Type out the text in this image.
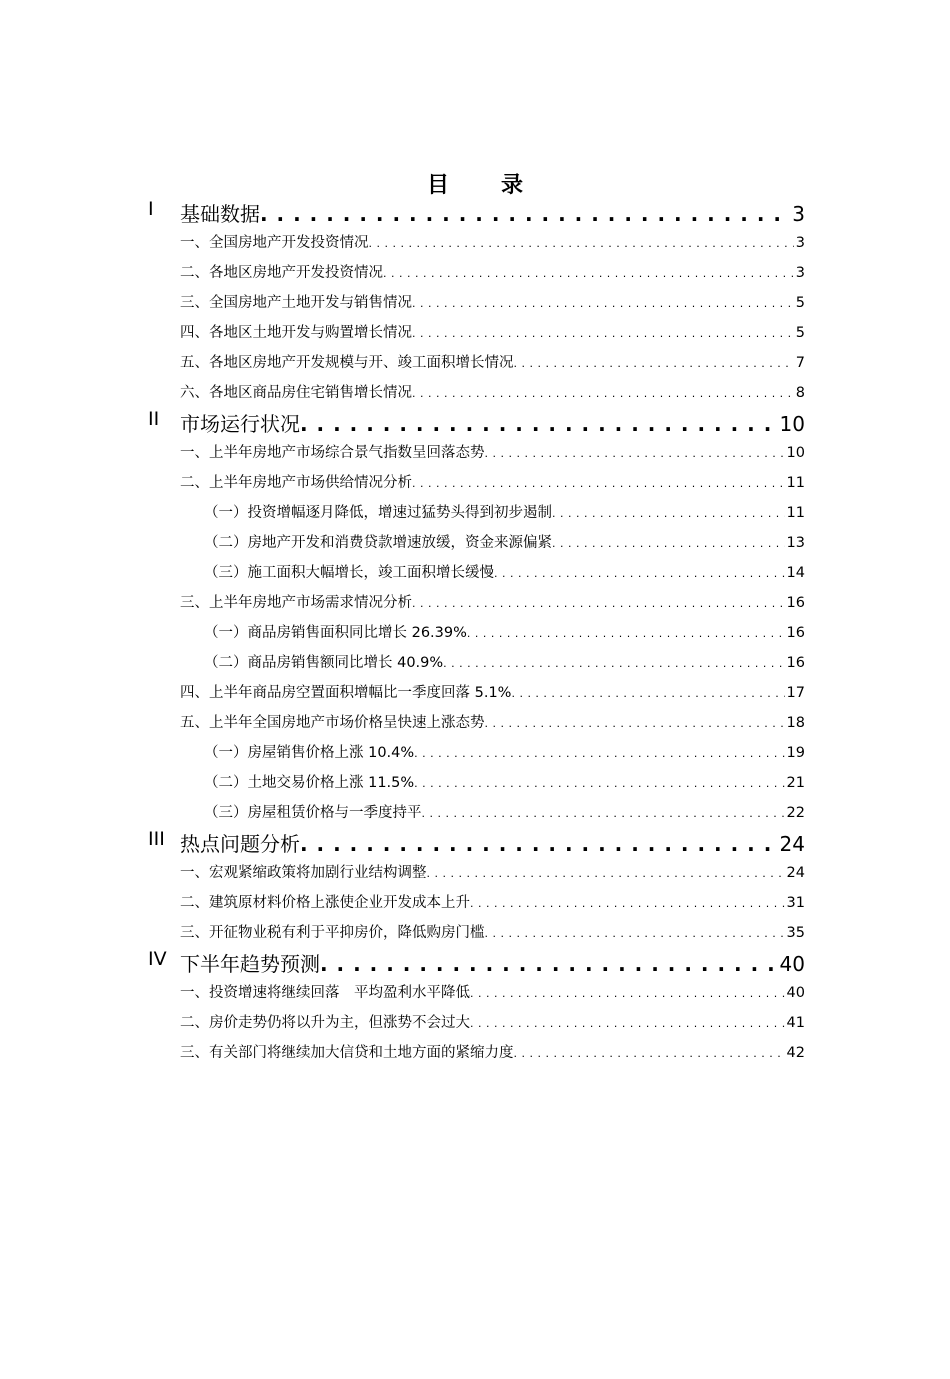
目 录
I 基础数据 . . .	3
一、全国房地产开发投资情况 . . .	3
二、各地区房地产开发投资情况 . . .	3
三、全国房地产土地开发与销售情况 . . .	5
四、各地区土地开发与购置增长情况 . . .	5
五、各地区房地产开发规模与开、竣工面积增长情况 . . .	7
六、各地区商品房住宅销售增长情况 . . .	8
II 市场运行状况 . . .	10
一、上半年房地产市场综合景气指数呈回落态势 . . .	10
二、上半年房地产市场供给情况分析 . . .	11
（一）投资增幅逐月降低，增速过猛势头得到初步遏制 . . .	11
（二）房地产开发和消费贷款增速放缓，资金来源偏紧 . . .	13
（三）施工面积大幅增长，竣工面积增长缓慢 . . .	14
三、上半年房地产市场需求情况分析 . . .	16
（一）商品房销售面积同比增长 26.39% . . .	16
（二）商品房销售额同比增长 40.9% . . .	16
四、上半年商品房空置面积增幅比一季度回落 5.1% . . .	17
五、上半年全国房地产市场价格呈快速上涨态势 . . .	18
（一）房屋销售价格上涨 10.4% . . .	19
（二）土地交易价格上涨 11.5% . . .	21
（三）房屋租赁价格与一季度持平 . . .	22
III 热点问题分析 . . .	24
一、宏观紧缩政策将加剧行业结构调整 . . .	24
二、建筑原材料价格上涨使企业开发成本上升 . . .	31
三、开征物业税有利于平抑房价，降低购房门槛 . . .	35
IV 下半年趋势预测 . . .	40
一、投资增速将继续回落　平均盈利水平降低 . . .	40
二、房价走势仍将以升为主，但涨势不会过大 . . .	41
三、有关部门将继续加大信贷和土地方面的紧缩力度 . . .	42
